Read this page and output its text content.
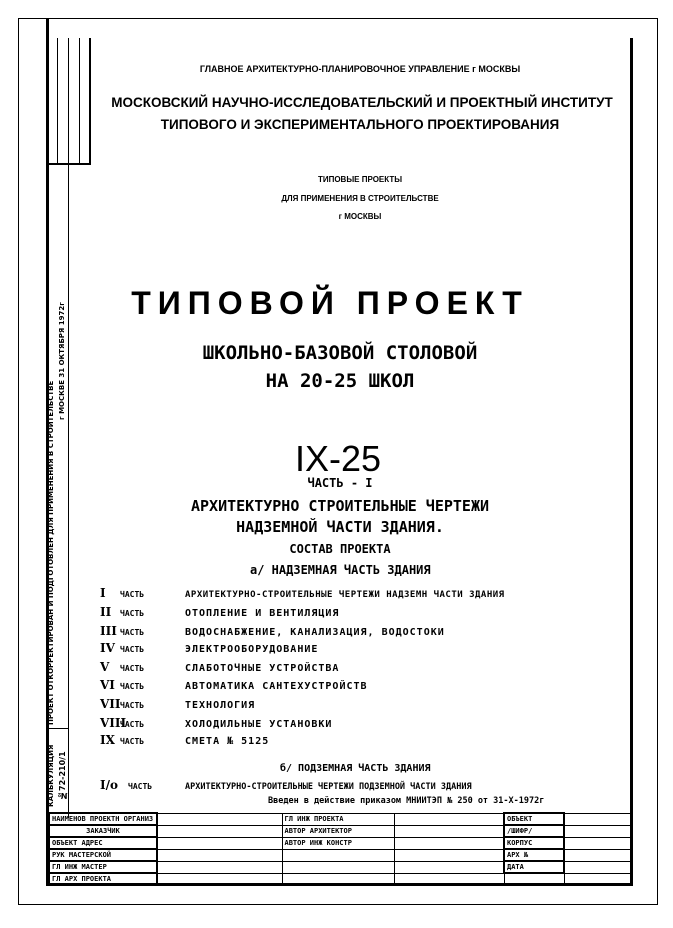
ПРОЕКТ ОТКОРРЕКТИРОВАН И ПОДГОТОВЛЕН ДЛЯ ПРИМЕНЕНИЯ В СТРОИТЕЛЬСТВЕ
г МОСКВЕ 31 ОКТЯБРЯ 1972г
КАЛЬКУЛЯЦИЯ №72-210/1
ГЛАВНОЕ АРХИТЕКТУРНО-ПЛАНИРОВОЧНОЕ УПРАВЛЕНИЕ г МОСКВЫ
МОСКОВСКИЙ НАУЧНО-ИССЛЕДОВАТЕЛЬСКИЙ И ПРОЕКТНЫЙ ИНСТИТУТ
ТИПОВОГО И ЭКСПЕРИМЕНТАЛЬНОГО ПРОЕКТИРОВАНИЯ
ТИПОВЫЕ ПРОЕКТЫ
ДЛЯ ПРИМЕНЕНИЯ В СТРОИТЕЛЬСТВЕ
г МОСКВЫ
ТИПОВОЙ ПРОЕКТ
ШКОЛЬНО-БАЗОВОЙ СТОЛОВОЙ
НА 20-25 ШКОЛ
IX-25
ЧАСТЬ - I
АРХИТЕКТУРНО СТРОИТЕЛЬНЫЕ ЧЕРТЕЖИ
НАДЗЕМНОЙ ЧАСТИ ЗДАНИЯ.
СОСТАВ ПРОЕКТА
а/ НАДЗЕМНАЯ ЧАСТЬ ЗДАНИЯ
I ЧАСТЬ	АРХИТЕКТУРНО-СТРОИТЕЛЬНЫЕ ЧЕРТЕЖИ НАДЗЕМН ЧАСТИ ЗДАНИЯ
II ЧАСТЬ	ОТОПЛЕНИЕ И ВЕНТИЛЯЦИЯ
III ЧАСТЬ	ВОДОСНАБЖЕНИЕ, КАНАЛИЗАЦИЯ, ВОДОСТОКИ
IV ЧАСТЬ	ЭЛЕКТРООБОРУДОВАНИЕ
V ЧАСТЬ	СЛАБОТОЧНЫЕ УСТРОЙСТВА
VI ЧАСТЬ	АВТОМАТИКА САНТЕХУСТРОЙСТВ
VIIЧАСТЬ	ТЕХНОЛОГИЯ
VIIIЧАСТЬ	ХОЛОДИЛЬНЫЕ УСТАНОВКИ
IX ЧАСТЬ	СМЕТА № 5125
б/ ПОДЗЕМНАЯ ЧАСТЬ ЗДАНИЯ
I/о ЧАСТЬ	АРХИТЕКТУРНО-СТРОИТЕЛЬНЫЕ ЧЕРТЕЖИ ПОДЗЕМНОЙ ЧАСТИ ЗДАНИЯ
Введен в действие приказом МНИИТЭП № 250 от 31-X-1972г
НАИМЕНОВ ПРОЕКТН ОРГАНИЗ		ГЛ ИНЖ ПРОЕКТА		ОБЪЕКТ	
ЗАКАЗЧИК		АВТОР АРХИТЕКТОР		/ШИФР/	
ОБЪЕКТ АДРЕС		АВТОР ИНЖ КОНСТР		КОРПУС	
РУК МАСТЕРСКОЙ				АРХ №	
ГЛ ИНЖ МАСТЕР				ДАТА	
ГЛ АРХ ПРОЕКТА					
